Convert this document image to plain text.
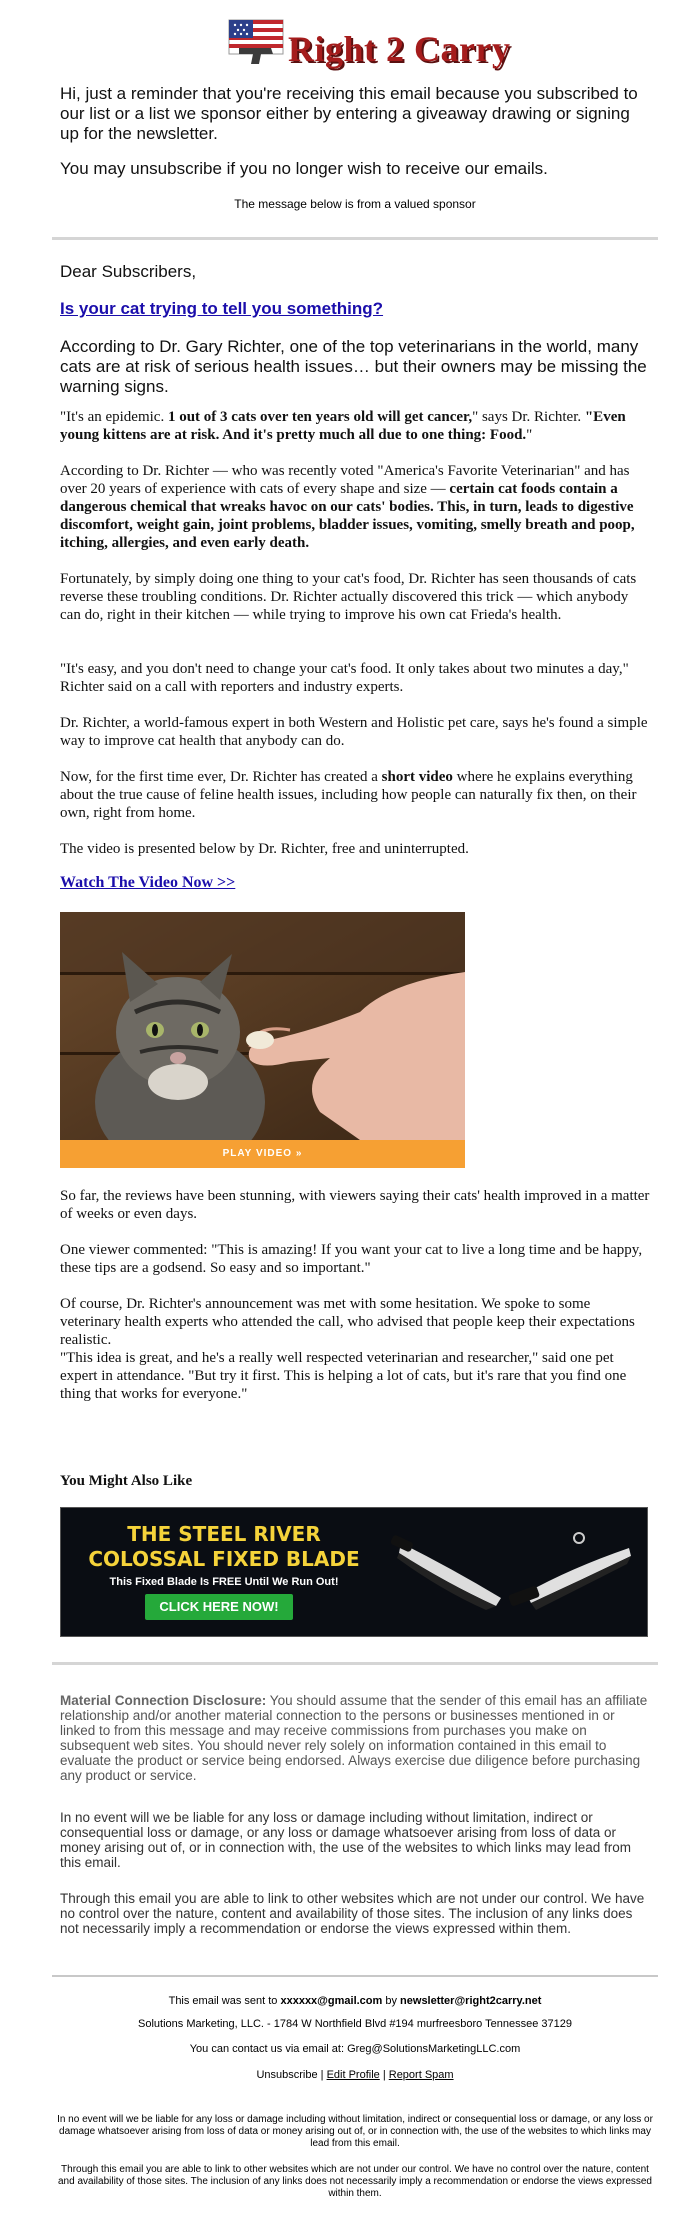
Right 2 Carry

Hi, just a reminder that you're receiving this email because you subscribed to our list or a list we sponsor either by entering a giveaway drawing or signing up for the newsletter.

You may unsubscribe if you no longer wish to receive our emails.

The message below is from a valued sponsor

Dear Subscribers,

Is your cat trying to tell you something?

According to Dr. Gary Richter, one of the top veterinarians in the world, many cats are at risk of serious health issues… but their owners may be missing the warning signs.

"It's an epidemic. 1 out of 3 cats over ten years old will get cancer," says Dr. Richter. "Even young kittens are at risk. And it's pretty much all due to one thing: Food."

According to Dr. Richter — who was recently voted "America's Favorite Veterinarian" and has over 20 years of experience with cats of every shape and size — certain cat foods contain a dangerous chemical that wreaks havoc on our cats' bodies. This, in turn, leads to digestive discomfort, weight gain, joint problems, bladder issues, vomiting, smelly breath and poop, itching, allergies, and even early death.

Fortunately, by simply doing one thing to your cat's food, Dr. Richter has seen thousands of cats reverse these troubling conditions. Dr. Richter actually discovered this trick — which anybody can do, right in their kitchen — while trying to improve his own cat Frieda's health.

"It's easy, and you don't need to change your cat's food. It only takes about two minutes a day," Richter said on a call with reporters and industry experts.

Dr. Richter, a world-famous expert in both Western and Holistic pet care, says he's found a simple way to improve cat health that anybody can do.

Now, for the first time ever, Dr. Richter has created a short video where he explains everything about the true cause of feline health issues, including how people can naturally fix then, on their own, right from home.

The video is presented below by Dr. Richter, free and uninterrupted.

Watch The Video Now >>

PLAY VIDEO »

So far, the reviews have been stunning, with viewers saying their cats' health improved in a matter of weeks or even days.

One viewer commented: "This is amazing! If you want your cat to live a long time and be happy, these tips are a godsend. So easy and so important."

Of course, Dr. Richter's announcement was met with some hesitation. We spoke to some veterinary health experts who attended the call, who advised that people keep their expectations realistic.

"This idea is great, and he's a really well respected veterinarian and researcher," said one pet expert in attendance. "But try it first. This is helping a lot of cats, but it's rare that you find one thing that works for everyone."

You Might Also Like

THE STEEL RIVER
COLOSSAL FIXED BLADE
This Fixed Blade Is FREE Until We Run Out!
CLICK HERE NOW!

Material Connection Disclosure: You should assume that the sender of this email has an affiliate relationship and/or another material connection to the persons or businesses mentioned in or linked to from this message and may receive commissions from purchases you make on subsequent web sites. You should never rely solely on information contained in this email to evaluate the product or service being endorsed. Always exercise due diligence before purchasing any product or service.

In no event will we be liable for any loss or damage including without limitation, indirect or consequential loss or damage, or any loss or damage whatsoever arising from loss of data or money arising out of, or in connection with, the use of the websites to which links may lead from this email.

Through this email you are able to link to other websites which are not under our control. We have no control over the nature, content and availability of those sites. The inclusion of any links does not necessarily imply a recommendation or endorse the views expressed within them.

This email was sent to xxxxxx@gmail.com by newsletter@right2carry.net
Solutions Marketing, LLC. - 1784 W Northfield Blvd #194 murfreesboro Tennessee 37129
You can contact us via email at: Greg@SolutionsMarketingLLC.com
Unsubscribe | Edit Profile | Report Spam
In no event will we be liable for any loss or damage including without limitation, indirect or consequential loss or damage, or any loss or damage whatsoever arising from loss of data or money arising out of, or in connection with, the use of the websites to which links may lead from this email.
Through this email you are able to link to other websites which are not under our control. We have no control over the nature, content and availability of those sites. The inclusion of any links does not necessarily imply a recommendation or endorse the views expressed within them.
